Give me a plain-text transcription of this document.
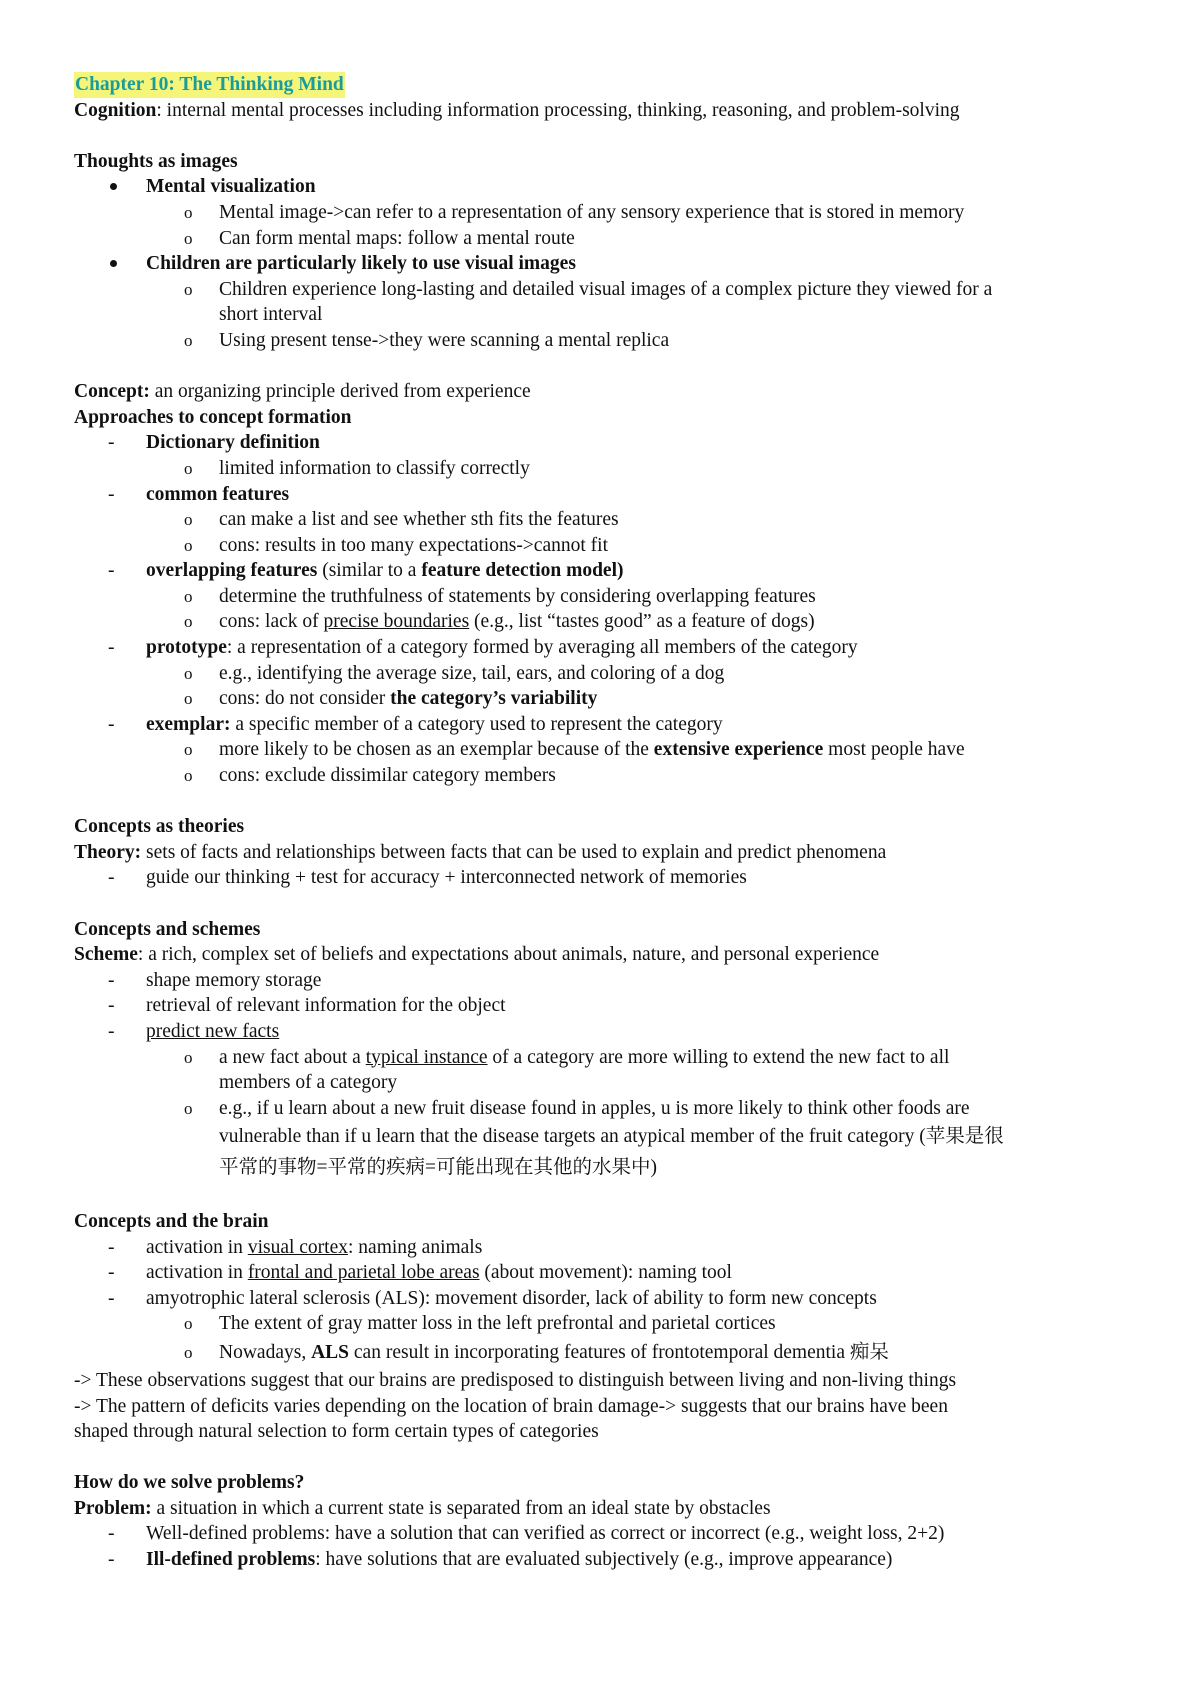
Chapter 10: The Thinking Mind
Cognition: internal mental processes including information processing, thinking, reasoning, and problem-solving
Thoughts as images
Mental visualization
o Mental image->can refer to a representation of any sensory experience that is stored in memory
o Can form mental maps: follow a mental route
Children are particularly likely to use visual images
o Children experience long-lasting and detailed visual images of a complex picture they viewed for a
short interval
o Using present tense->they were scanning a mental replica
Concept: an organizing principle derived from experience
Approaches to concept formation
- Dictionary definition
o limited information to classify correctly
- common features
o can make a list and see whether sth fits the features
o cons: results in too many expectations->cannot fit
- overlapping features (similar to a feature detection model)
o determine the truthfulness of statements by considering overlapping features
o cons: lack of precise boundaries (e.g., list “tastes good” as a feature of dogs)
- prototype: a representation of a category formed by averaging all members of the category
o e.g., identifying the average size, tail, ears, and coloring of a dog
o cons: do not consider the category’s variability
- exemplar: a specific member of a category used to represent the category
o more likely to be chosen as an exemplar because of the extensive experience most people have
o cons: exclude dissimilar category members
Concepts as theories
Theory: sets of facts and relationships between facts that can be used to explain and predict phenomena
- guide our thinking + test for accuracy + interconnected network of memories
Concepts and schemes
Scheme: a rich, complex set of beliefs and expectations about animals, nature, and personal experience
- shape memory storage
- retrieval of relevant information for the object
- predict new facts
o a new fact about a typical instance of a category are more willing to extend the new fact to all
members of a category
o e.g., if u learn about a new fruit disease found in apples, u is more likely to think other foods are
vulnerable than if u learn that the disease targets an atypical member of the fruit category (苹果是很
平常的事物=平常的疾病=可能出现在其他的水果中)
Concepts and the brain
- activation in visual cortex: naming animals
- activation in frontal and parietal lobe areas (about movement): naming tool
- amyotrophic lateral sclerosis (ALS): movement disorder, lack of ability to form new concepts
o The extent of gray matter loss in the left prefrontal and parietal cortices
o Nowadays, ALS can result in incorporating features of frontotemporal dementia 痴呆
-> These observations suggest that our brains are predisposed to distinguish between living and non-living things
-> The pattern of deficits varies depending on the location of brain damage-> suggests that our brains have been
shaped through natural selection to form certain types of categories
How do we solve problems?
Problem: a situation in which a current state is separated from an ideal state by obstacles
- Well-defined problems: have a solution that can verified as correct or incorrect (e.g., weight loss, 2+2)
- Ill-defined problems: have solutions that are evaluated subjectively (e.g., improve appearance)
